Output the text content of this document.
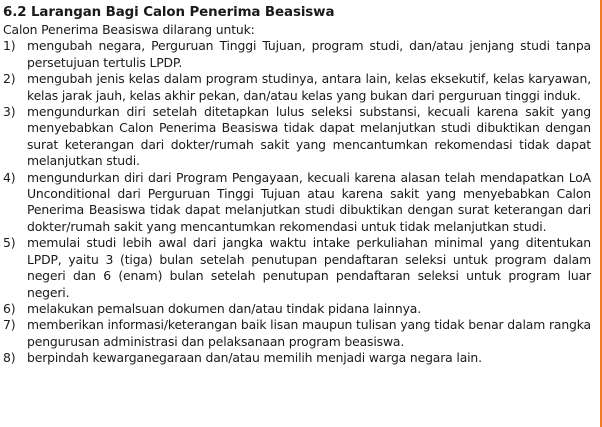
6.2 Larangan Bagi Calon Penerima Beasiswa

Calon Penerima Beasiswa dilarang untuk:

1) mengubah negara, Perguruan Tinggi Tujuan, program studi, dan/atau jenjang studi tanpa persetujuan tertulis LPDP.
2) mengubah jenis kelas dalam program studinya, antara lain, kelas eksekutif, kelas karyawan, kelas jarak jauh, kelas akhir pekan, dan/atau kelas yang bukan dari perguruan tinggi induk.
3) mengundurkan diri setelah ditetapkan lulus seleksi substansi, kecuali karena sakit yang menyebabkan Calon Penerima Beasiswa tidak dapat melanjutkan studi dibuktikan dengan surat keterangan dari dokter/rumah sakit yang mencantumkan rekomendasi tidak dapat melanjutkan studi.
4) mengundurkan diri dari Program Pengayaan, kecuali karena alasan telah mendapatkan LoA Unconditional dari Perguruan Tinggi Tujuan atau karena sakit yang menyebabkan Calon Penerima Beasiswa tidak dapat melanjutkan studi dibuktikan dengan surat keterangan dari dokter/rumah sakit yang mencantumkan rekomendasi untuk tidak melanjutkan studi.
5) memulai studi lebih awal dari jangka waktu intake perkuliahan minimal yang ditentukan LPDP, yaitu 3 (tiga) bulan setelah penutupan pendaftaran seleksi untuk program dalam negeri dan 6 (enam) bulan setelah penutupan pendaftaran seleksi untuk program luar negeri.
6) melakukan pemalsuan dokumen dan/atau tindak pidana lainnya.
7) memberikan informasi/keterangan baik lisan maupun tulisan yang tidak benar dalam rangka pengurusan administrasi dan pelaksanaan program beasiswa.
8) berpindah kewarganegaraan dan/atau memilih menjadi warga negara lain.
